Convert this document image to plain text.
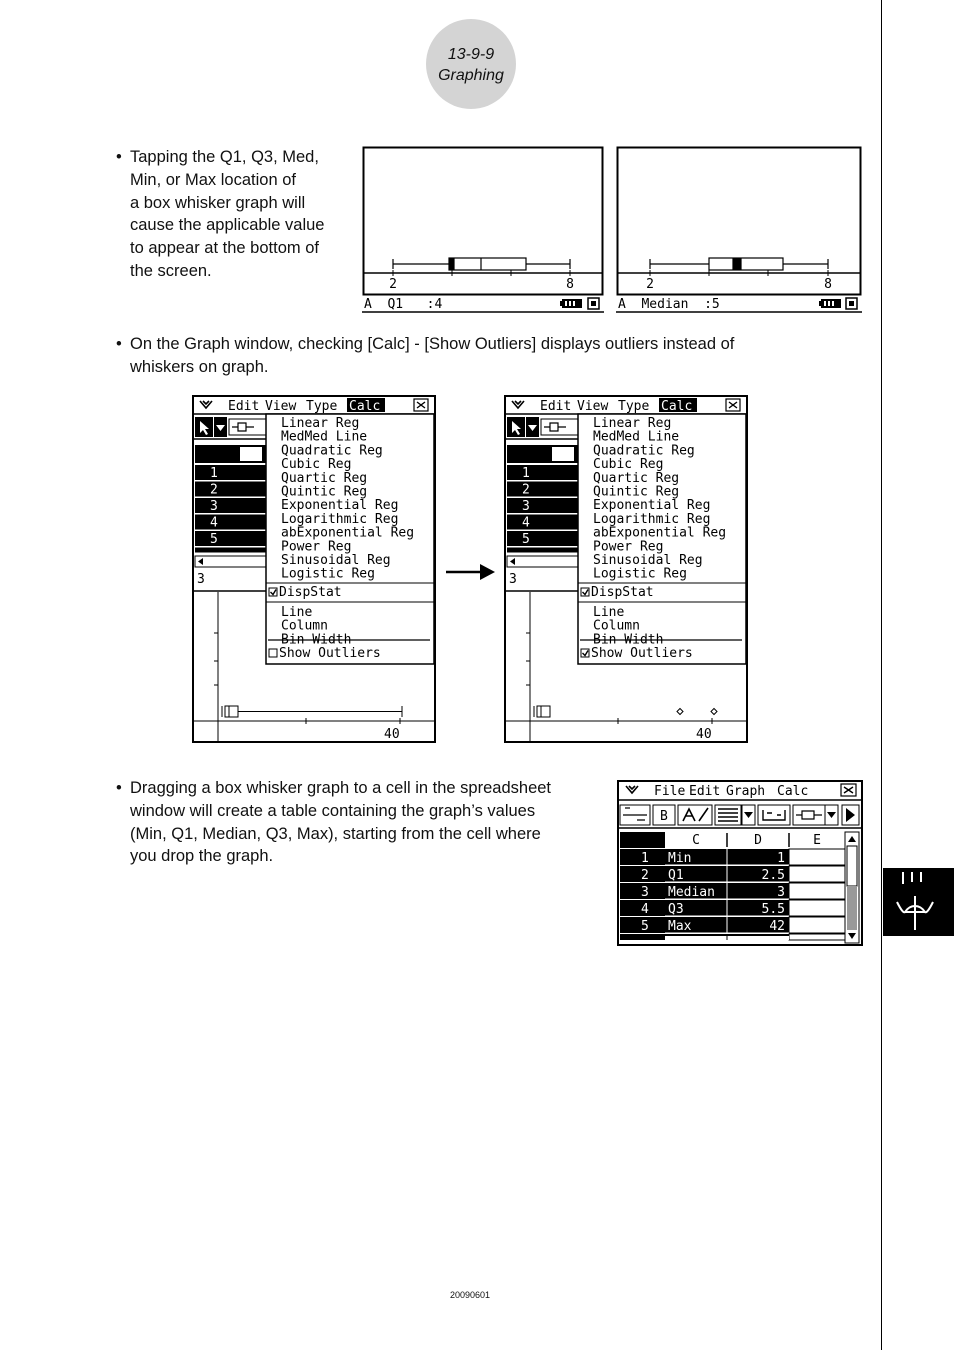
13-9-9
Graphing
• Tapping the Q1, Q3, Med,
Min, or Max location of
a box whisker graph will
cause the applicable value
to appear at the bottom of
the screen.
2	8
A  Q1   :4
2	8
A  Median  :5
• On the Graph window, checking [Calc] - [Show Outliers] displays outliers instead of
whiskers on graph.
Edit View Type Calc
1
2
3
4
5
3
40
Linear Reg
MedMed Line
Quadratic Reg
Cubic Reg
Quartic Reg
Quintic Reg
Exponential Reg
Logarithmic Reg
abExponential Reg
Power Reg
Sinusoidal Reg
Logistic Reg
DispStat
Line
Column
Bin Width
Show Outliers
Edit View Type Calc
1
2
3
4
5
3
40
Linear Reg
MedMed Line
Quadratic Reg
Cubic Reg
Quartic Reg
Quintic Reg
Exponential Reg
Logarithmic Reg
abExponential Reg
Power Reg
Sinusoidal Reg
Logistic Reg
DispStat
Line
Column
Bin Width
Show Outliers
• Dragging a box whisker graph to a cell in the spreadsheet
window will create a table containing the graph’s values
(Min, Q1, Median, Q3, Max), starting from the cell where
you drop the graph.
File Edit Graph Calc
B
C	D	E
1 Min	1
2 Q1	2.5
3 Median	3
4 Q3	5.5
5 Max	42
20090601
